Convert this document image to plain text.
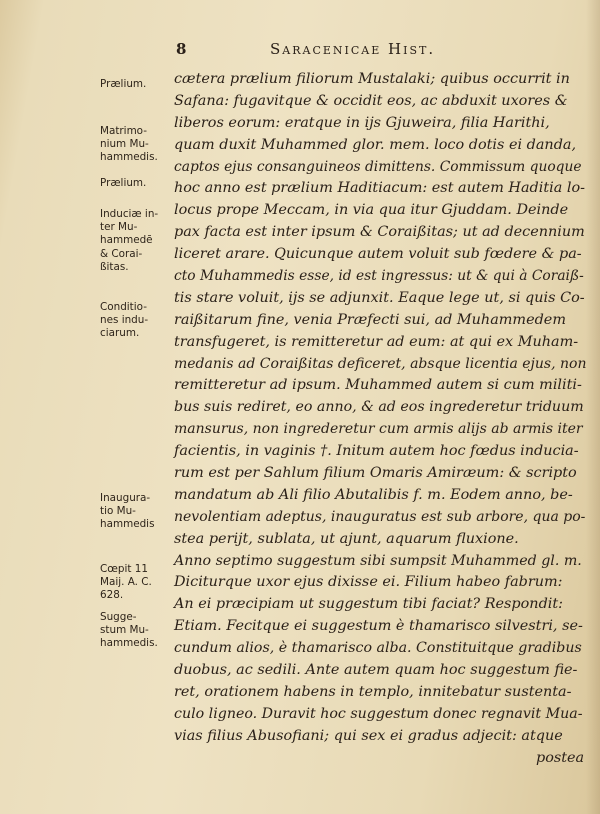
8	Saracenicae Hist.
Prælium.
Matrimo-
nium Mu-
hammedis.
Prælium.
Induciæ in-
ter Mu-
hammedē
& Corai-
ßitas.
Conditio-
nes indu-
ciarum.
Inaugura-
tio Mu-
hammedis
Cœpit 11
Maij. A. C.
628.
Sugge-
stum Mu-
hammedis.
cætera prælium filiorum Mustalaki; quibus occurrit in
Safana: fugavitque & occidit eos, ac abduxit uxores &
liberos eorum: eratque in ijs Gjuweira, filia Harithi,
quam duxit Muhammed glor. mem. loco dotis ei danda,
captos ejus consanguineos dimittens. Commissum quoque
hoc anno est prælium Haditiacum: est autem Haditia lo-
locus prope Meccam, in via qua itur Gjuddam. Deinde
pax facta est inter ipsum & Coraißitas; ut ad decennium
liceret arare. Quicunque autem voluit sub fœdere & pa-
cto Muhammedis esse, id est ingressus: ut & qui à Coraiß-
tis stare voluit, ijs se adjunxit. Eaque lege ut, si quis Co-
raißitarum fine, venia Præfecti sui, ad Muhammedem
transfugeret, is remitteretur ad eum: at qui ex Muham-
medanis ad Coraißitas deficeret, absque licentia ejus, non
remitteretur ad ipsum. Muhammed autem si cum militi-
bus suis rediret, eo anno, & ad eos ingrederetur triduum
mansurus, non ingrederetur cum armis alijs ab armis iter
facientis, in vaginis †. Initum autem hoc fœdus inducia-
rum est per Sahlum filium Omaris Amiræum: & scripto
mandatum ab Ali filio Abutalibis f. m. Eodem anno, be-
nevolentiam adeptus, inauguratus est sub arbore, qua po-
stea perijt, sublata, ut ajunt, aquarum fluxione.
Anno septimo suggestum sibi sumpsit Muhammed gl. m.
Diciturque uxor ejus dixisse ei. Filium habeo fabrum:
An ei præcipiam ut suggestum tibi faciat? Respondit:
Etiam. Fecitque ei suggestum è thamarisco silvestri, se-
cundum alios, è thamarisco alba. Constituitque gradibus
duobus, ac sedili. Ante autem quam hoc suggestum fie-
ret, orationem habens in templo, innitebatur sustenta-
culo ligneo. Duravit hoc suggestum donec regnavit Mua-
vias filius Abusofiani; qui sex ei gradus adjecit: atque
postea
